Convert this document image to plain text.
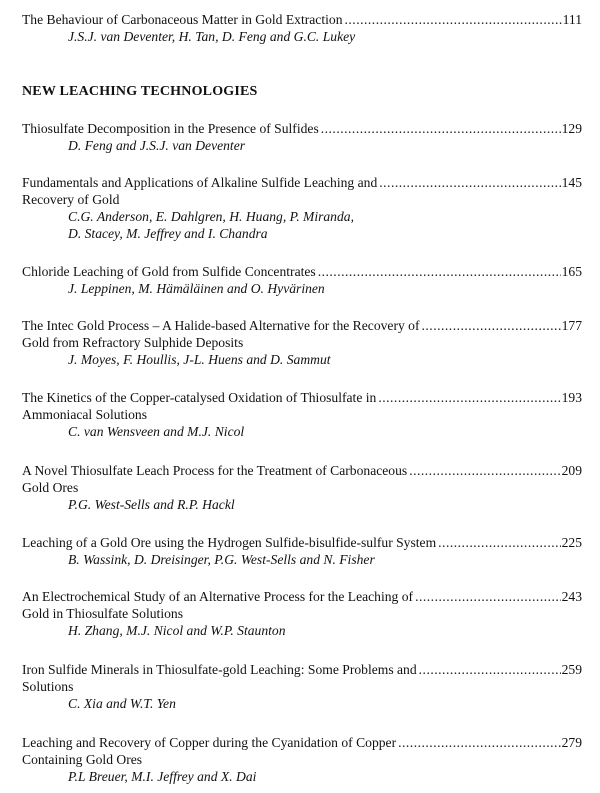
The Behaviour of Carbonaceous Matter in Gold Extraction .....	111
J.S.J. van Deventer, H. Tan, D. Feng and G.C. Lukey
NEW LEACHING TECHNOLOGIES
Thiosulfate Decomposition in the Presence of Sulfides .....	129
D. Feng and J.S.J. van Deventer
Fundamentals and Applications of Alkaline Sulfide Leaching and .....	145
Recovery of Gold
C.G. Anderson, E. Dahlgren, H. Huang, P. Miranda,
D. Stacey, M. Jeffrey and I. Chandra
Chloride Leaching of Gold from Sulfide Concentrates .....	165
J. Leppinen, M. Hämäläinen and O. Hyvärinen
The Intec Gold Process – A Halide-based Alternative for the Recovery of .....	177
Gold from Refractory Sulphide Deposits
J. Moyes, F. Houllis, J-L. Huens and D. Sammut
The Kinetics of the Copper-catalysed Oxidation of Thiosulfate in .....	193
Ammoniacal Solutions
C. van Wensveen and M.J. Nicol
A Novel Thiosulfate Leach Process for the Treatment of Carbonaceous .....	209
Gold Ores
P.G. West-Sells and R.P. Hackl
Leaching of a Gold Ore using the Hydrogen Sulfide-bisulfide-sulfur System .....	225
B. Wassink, D. Dreisinger, P.G. West-Sells and N. Fisher
An Electrochemical Study of an Alternative Process for the Leaching of .....	243
Gold in Thiosulfate Solutions
H. Zhang, M.J. Nicol and W.P. Staunton
Iron Sulfide Minerals in Thiosulfate-gold Leaching: Some Problems and .....	259
Solutions
C. Xia and W.T. Yen
Leaching and Recovery of Copper during the Cyanidation of Copper .....	279
Containing Gold Ores
P.L Breuer, M.I. Jeffrey and X. Dai
